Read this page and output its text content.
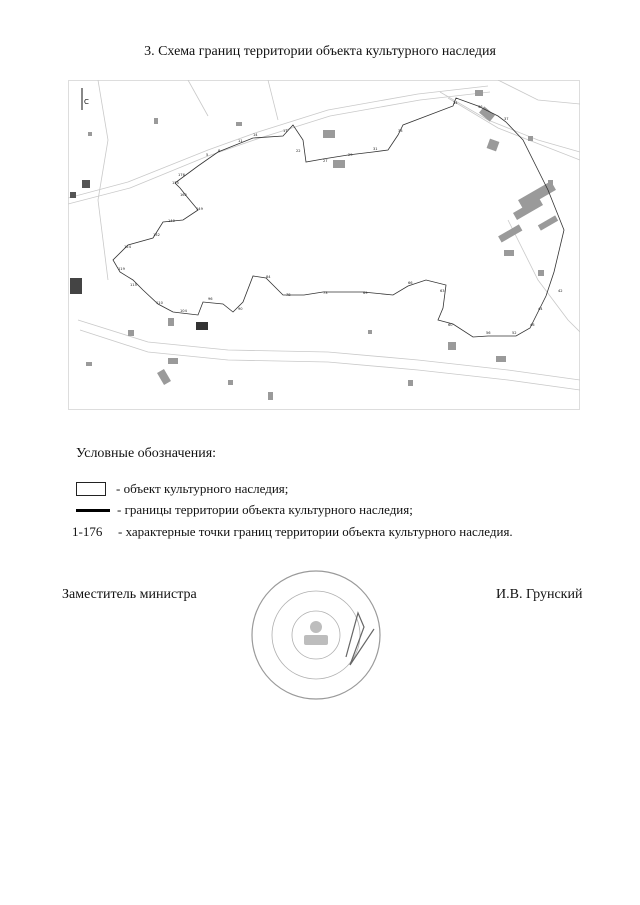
3. Схема границ территории объекта культурного наследия
175
176
5
8
11
14
17
22
27
29
31
33
34
36
37
42
44
46
52
56
60
63
66
69
73
78
84
90
96
104
110
115
119
124
132
140
149
162
С
Условные обозначения:
- объект культурного наследия;
- границы территории объекта культурного наследия;
1-176	- характерные точки границ территории объекта культурного наследия.
Заместитель министра	И.В. Грунский
